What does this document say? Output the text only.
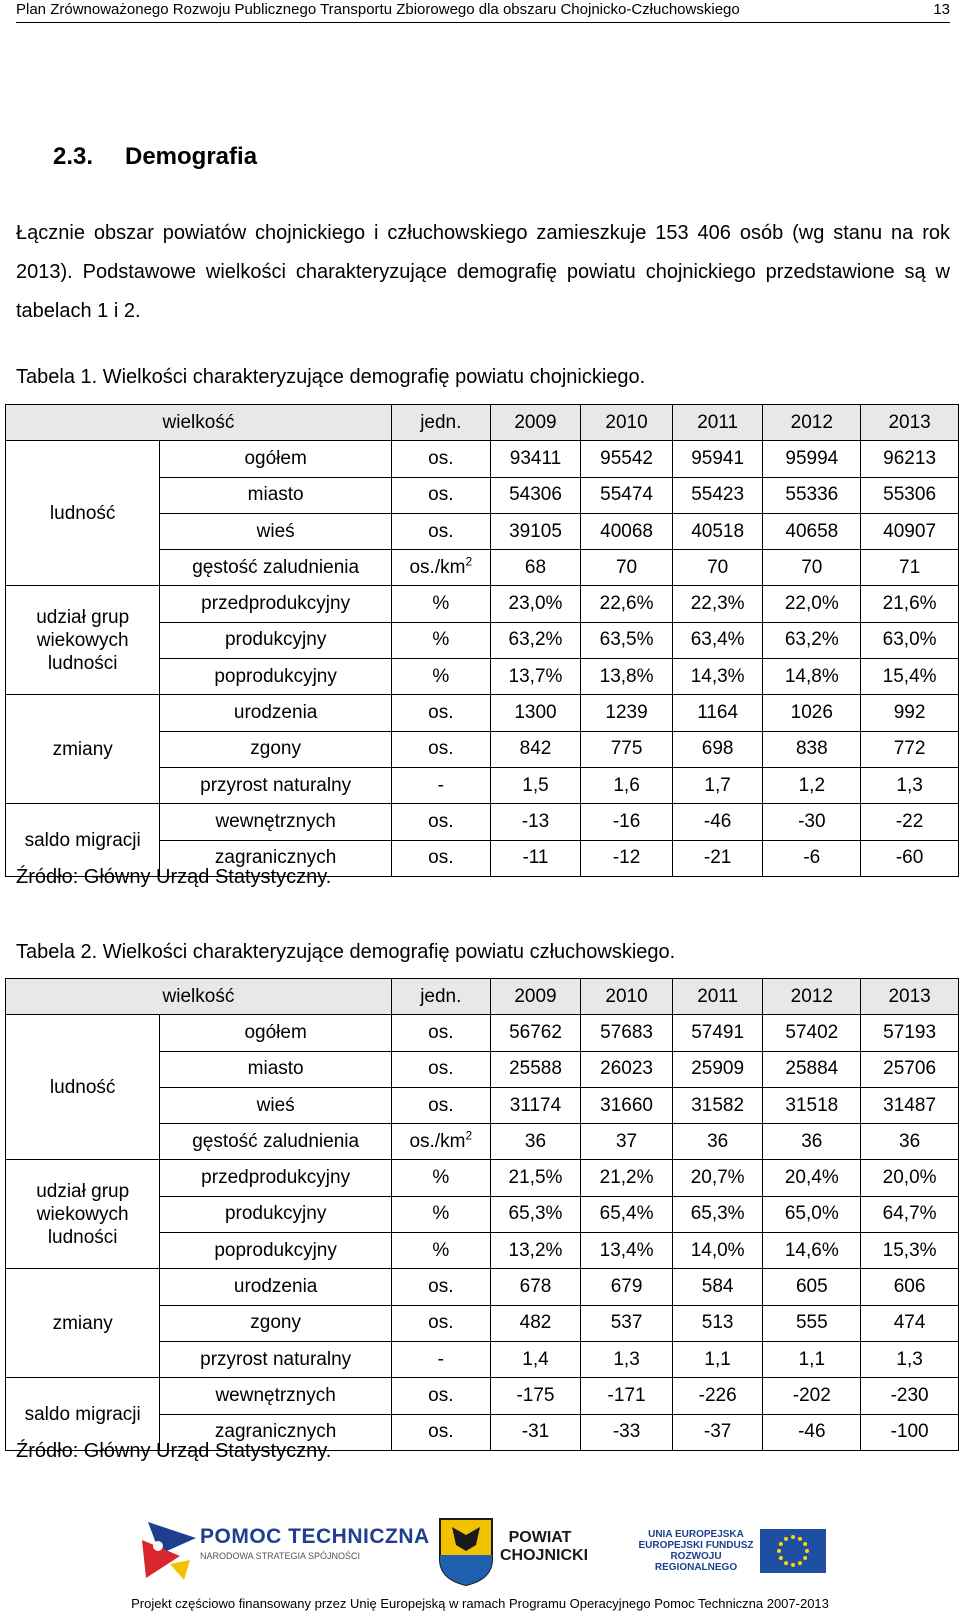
Plan Zrównoważonego Rozwoju Publicznego Transportu Zbiorowego dla obszaru Chojnicko-Człuchowskiego	13
2.3. Demografia
Łącznie obszar powiatów chojnickiego i człuchowskiego zamieszkuje 153 406 osób (wg stanu na rok 2013). Podstawowe wielkości charakteryzujące demografię powiatu chojnickiego przedstawione są w tabelach 1 i 2.
Tabela 1. Wielkości charakteryzujące demografię powiatu chojnickiego.
wielkość		jedn.	2009	2010	2011	2012	2013
ludność	ogółem	os.	93411	95542	95941	95994	96213
	miasto	os.	54306	55474	55423	55336	55306
	wieś	os.	39105	40068	40518	40658	40907
	gęstość zaludnienia	$os./km^2$	68	70	70	70	71
udział grup wiekowych ludności	przedprodukcyjny	%	23,0%	22,6%	22,3%	22,0%	21,6%
	produkcyjny	%	63,2%	63,5%	63,4%	63,2%	63,0%
	poprodukcyjny	%	13,7%	13,8%	14,3%	14,8%	15,4%
zmiany	urodzenia	os.	1300	1239	1164	1026	992
	zgony	os.	842	775	698	838	772
	przyrost naturalny	-	1,5	1,6	1,7	1,2	1,3
saldo migracji	wewnętrznych	os.	-13	-16	-46	-30	-22
	zagranicznych	os.	-11	-12	-21	-6	-60
Źródło: Główny Urząd Statystyczny.
Tabela 2. Wielkości charakteryzujące demografię powiatu człuchowskiego.
wielkość		jedn.	2009	2010	2011	2012	2013
ludność	ogółem	os.	56762	57683	57491	57402	57193
	miasto	os.	25588	26023	25909	25884	25706
	wieś	os.	31174	31660	31582	31518	31487
	gęstość zaludnienia	$os./km^2$	36	37	36	36	36
udział grup wiekowych ludności	przedprodukcyjny	%	21,5%	21,2%	20,7%	20,4%	20,0%
	produkcyjny	%	65,3%	65,4%	65,3%	65,0%	64,7%
	poprodukcyjny	%	13,2%	13,4%	14,0%	14,6%	15,3%
zmiany	urodzenia	os.	678	679	584	605	606
	zgony	os.	482	537	513	555	474
	przyrost naturalny	-	1,4	1,3	1,1	1,1	1,3
saldo migracji	wewnętrznych	os.	-175	-171	-226	-202	-230
	zagranicznych	os.	-31	-33	-37	-46	-100
Źródło: Główny Urząd Statystyczny.
POMOC TECHNICZNA
NARODOWA STRATEGIA SPÓJNOŚCI
POWIAT
CHOJNICKI
UNIA EUROPEJSKA
EUROPEJSKI FUNDUSZ
ROZWOJU REGIONALNEGO
Projekt częściowo finansowany przez Unię Europejską w ramach Programu Operacyjnego Pomoc Techniczna 2007-2013
